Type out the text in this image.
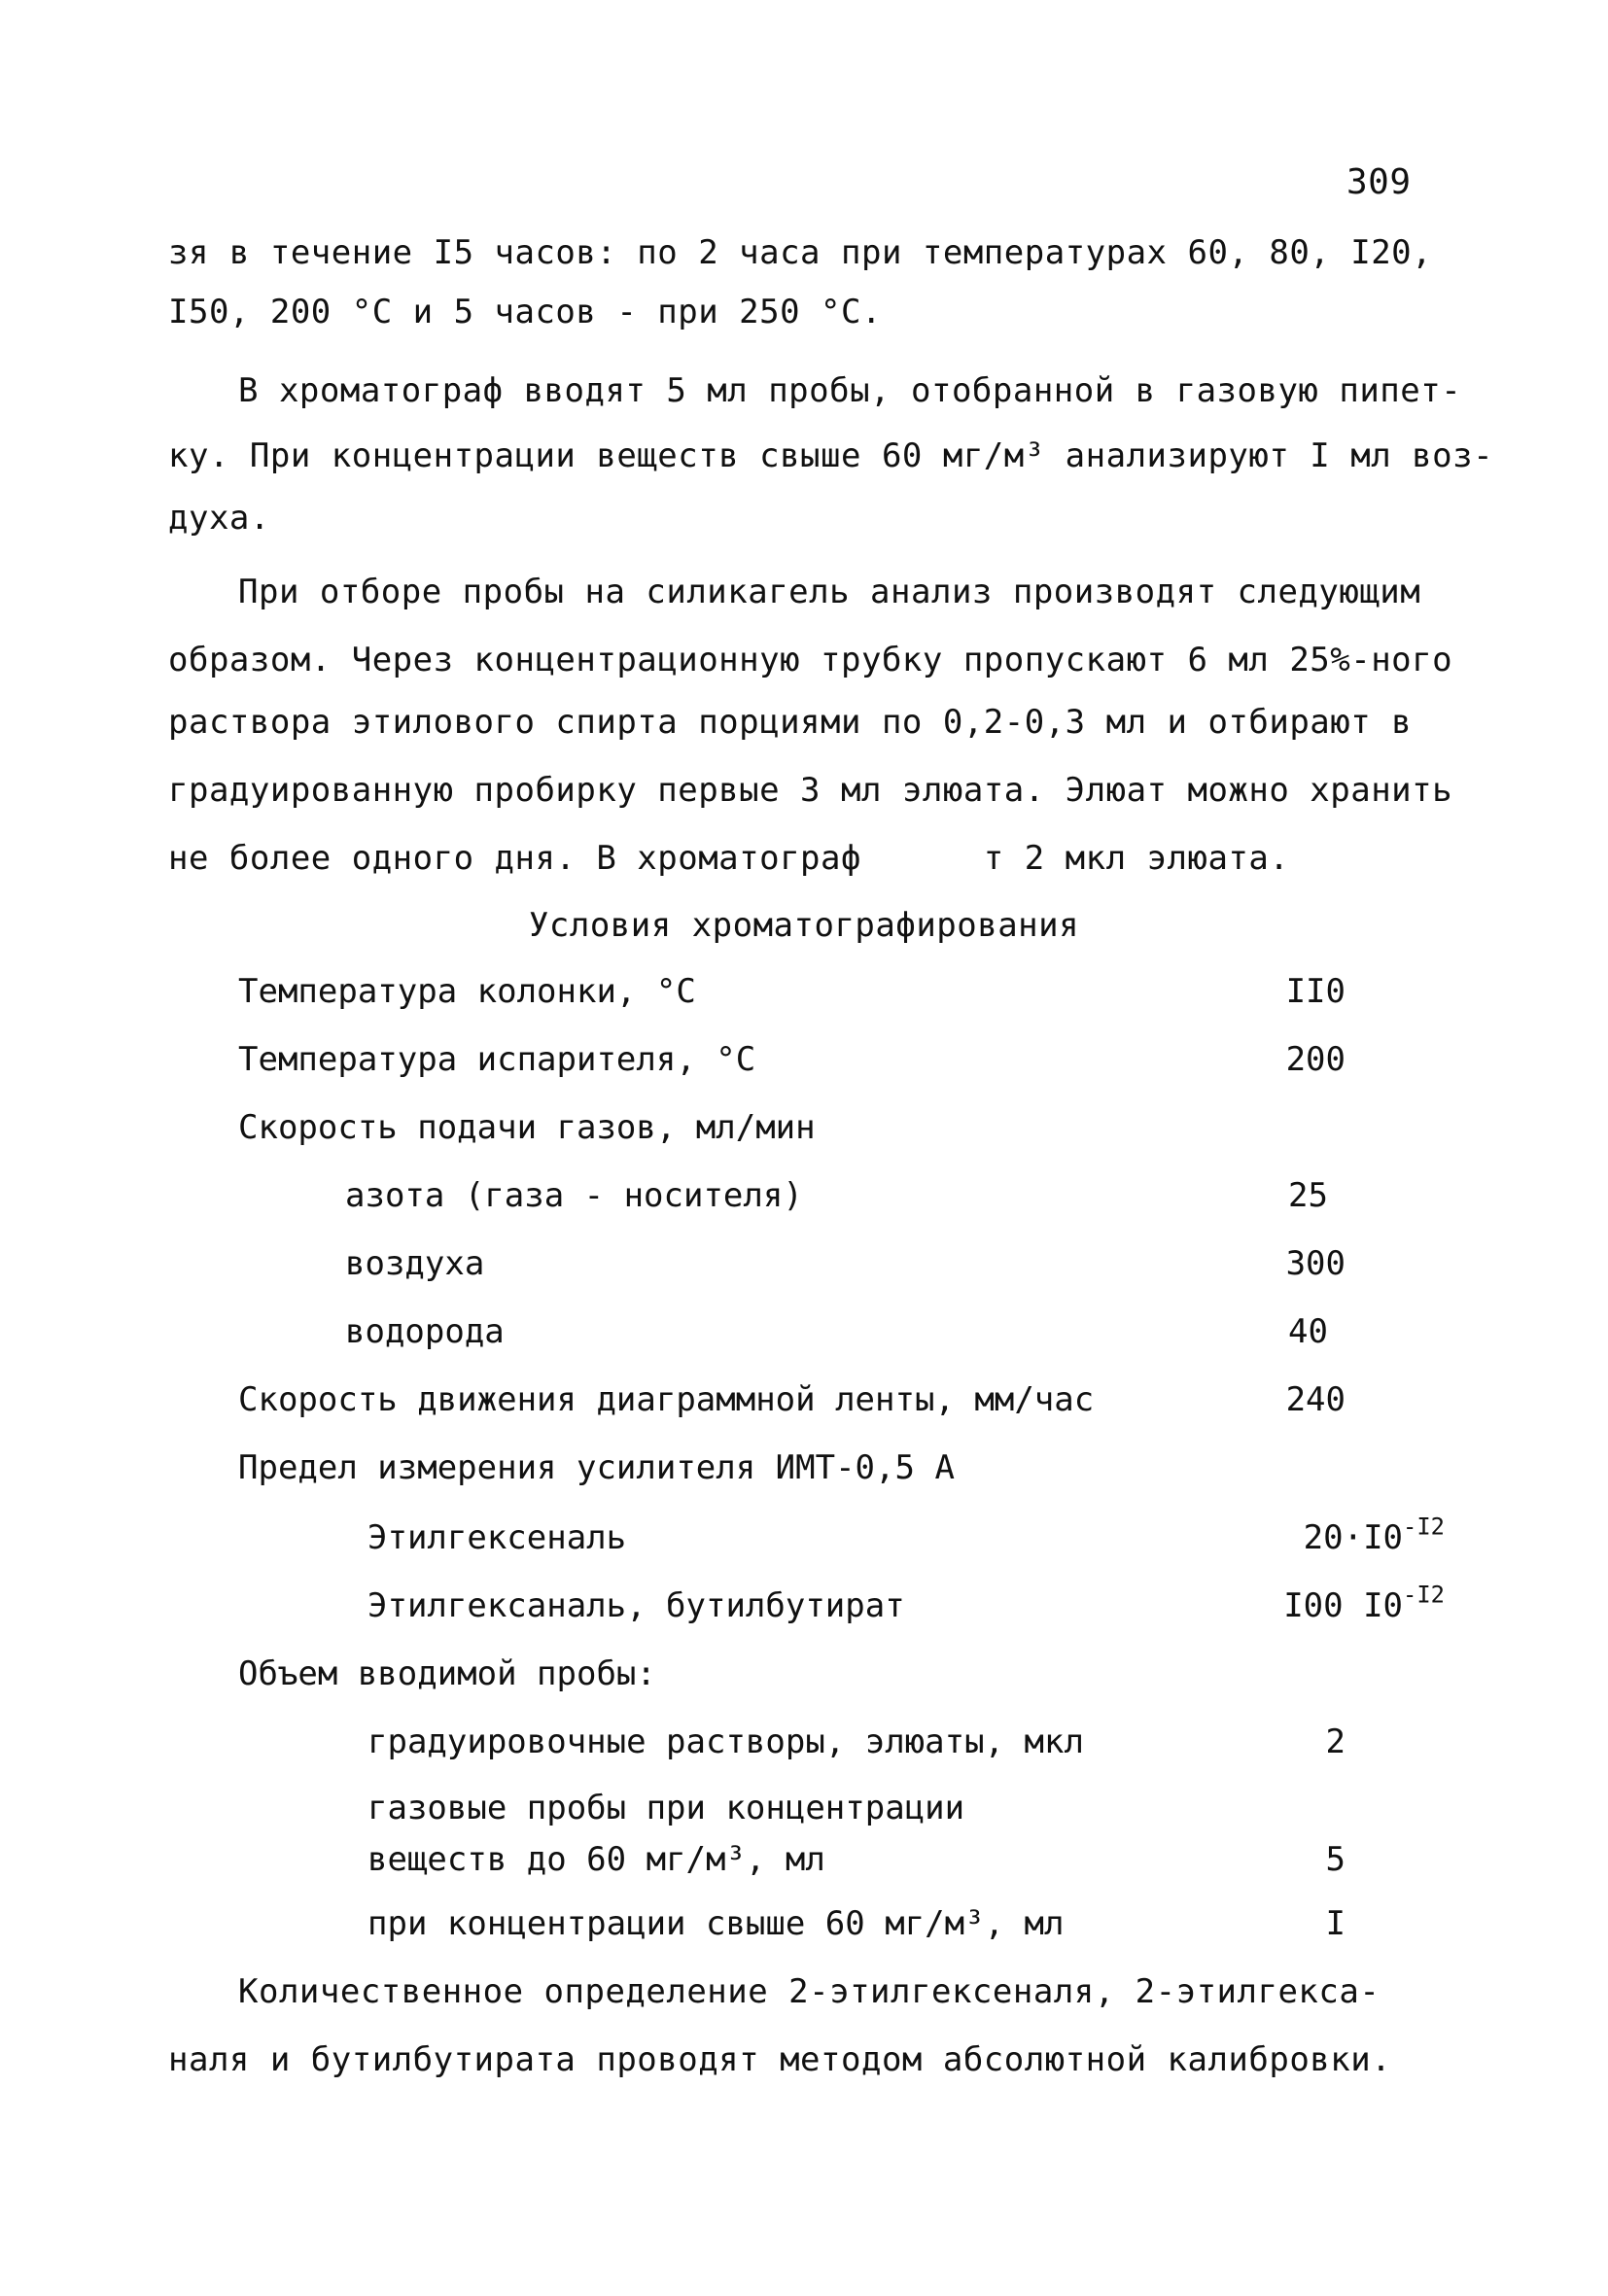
309
зя в течение I5 часов: по 2 часа при температурах 60, 80, I20,
I50, 200 °С и 5 часов - при 250 °С.
В хроматограф вводят 5 мл пробы, отобранной в газовую пипет-
ку. При концентрации веществ свыше 60 мг/м³ анализируют I мл воз-
духа.
При отборе пробы на силикагель анализ производят следующим
образом. Через концентрационную трубку пропускают 6 мл 25%-ного
раствора этилового спирта порциями по 0,2-0,3 мл и отбирают в
градуированную пробирку первые 3 мл элюата. Элюат можно хранить
не более одного дня. В хроматограф      т 2 мкл элюата.
Условия хроматографирования
Температура колонки, °С	II0
Температура испарителя, °С	200
Скорость подачи газов, мл/мин
азота (газа - носителя)	25
воздуха	300
водорода	40
Скорость движения диаграммной ленты, мм/час	240
Предел измерения усилителя ИМТ-0,5 А
Этилгексеналь	$20\cdot I0^{-I2}$
Этилгексаналь, бутилбутират	I00 $I0^{-I2}$
Объем вводимой пробы:
градуировочные растворы, элюаты, мкл	2
газовые пробы при концентрации
веществ до 60 мг/м³, мл	5
при концентрации свыше 60 мг/м³, мл	I
Количественное определение 2-этилгексеналя, 2-этилгекса-
наля и бутилбутирата проводят методом абсолютной калибровки.
